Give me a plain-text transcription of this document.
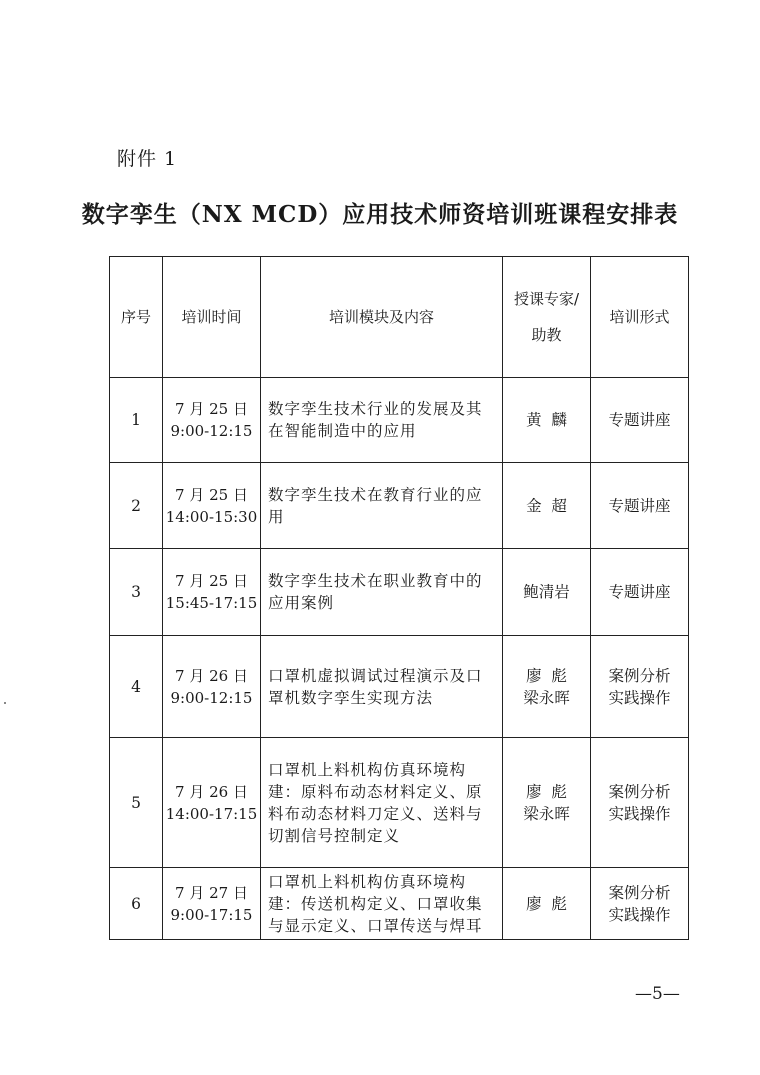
附件 1
数字孪生（NX MCD）应用技术师资培训班课程安排表
序号	培训时间	培训模块及内容	授课专家/
助教	培训形式
1	7 月 25 日
9:00-12:15	数字孪生技术行业的发展及其
在智能制造中的应用	黄  麟	专题讲座

2	7 月 25 日
14:00-15:30	数字孪生技术在教育行业的应
用	金  超	专题讲座

3	7 月 25 日
15:45-17:15	数字孪生技术在职业教育中的
应用案例	鲍清岩	专题讲座

4	7 月 26 日
9:00-12:15	口罩机虚拟调试过程演示及口
罩机数字孪生实现方法	廖  彪
梁永晖	案例分析
实践操作

5	7 月 26 日
14:00-17:15	口罩机上料机构仿真环境构
建：原料布动态材料定义、原
料布动态材料刀定义、送料与
切割信号控制定义	廖  彪
梁永晖	案例分析
实践操作

6	7 月 27 日
9:00-17:15	口罩机上料机构仿真环境构
建：传送机构定义、口罩收集
与显示定义、口罩传送与焊耳	廖  彪	案例分析
实践操作
—5—
